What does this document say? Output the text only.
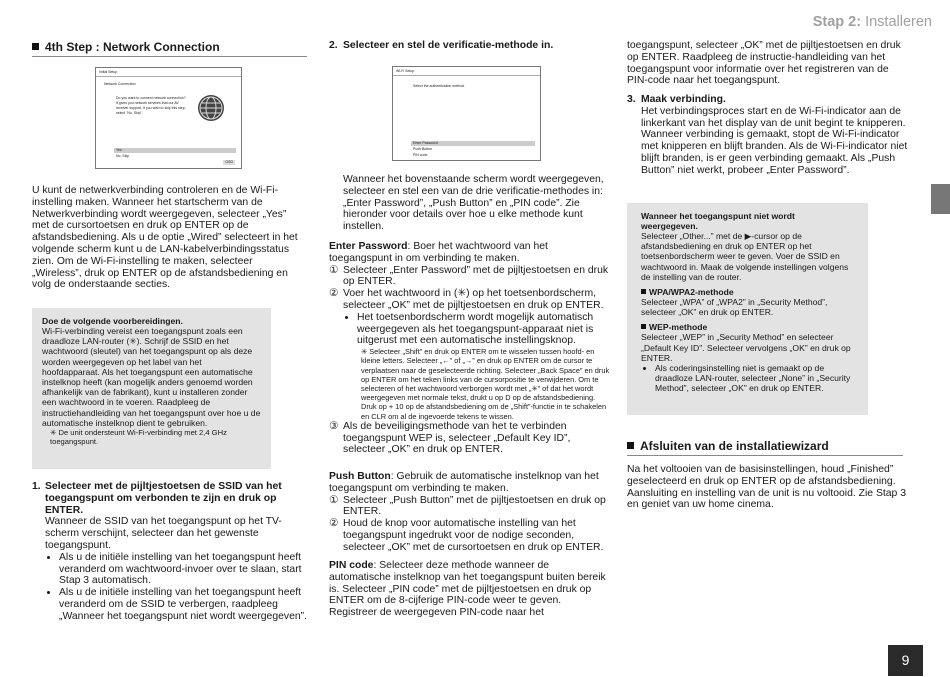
Stap 2: Installeren
4th Step : Network Connection
Initial Setup
Network Connection
Do you want to connect network connection?
It gives you network services that our AV
receiver support. If you wish to skip this step,
select "No, Skip".
Yes
No, Skip
OSD

U kunt de netwerkverbinding controleren en de Wi-Fi-instelling maken. Wanneer het startscherm van de Netwerkverbinding wordt weergegeven, selecteer „Yes” met de cursortoetsen en druk op ENTER op de afstandsbediening. Als u de optie „Wired” selecteert in het volgende scherm kunt u de LAN-kabelverbindingsstatus zien. Om de Wi-Fi-instelling te maken, selecteer „Wireless”, druk op ENTER op de afstandsbediening en volg de onderstaande secties.

Doe de volgende voorbereidingen.
Wi-Fi-verbinding vereist een toegangspunt zoals een draadloze LAN-router (✳). Schrijf de SSID en het wachtwoord (sleutel) van het toegangspunt op als deze worden weergegeven op het label van het hoofdapparaat. Als het toegangspunt een automatische instelknop heeft (kan mogelijk anders genoemd worden afhankelijk van de fabrikant), kunt u installeren zonder een wachtwoord in te voeren. Raadpleeg de instructiehandleiding van het toegangspunt over hoe u de automatische instelknop dient te gebruiken.
✳ De unit ondersteunt Wi-Fi-verbinding met 2,4 GHz toegangspunt.
1. Selecteer met de pijltjestoetsen de SSID van het toegangspunt om verbonden te zijn en druk op ENTER.

Wanneer de SSID van het toegangspunt op het TV-scherm verschijnt, selecteer dan het gewenste toegangspunt.

• Als u de initiële instelling van het toegangspunt heeft veranderd om wachtwoord-invoer over te slaan, start Stap 3 automatisch.
• Als u de initiële instelling van het toegangspunt heeft veranderd om de SSID te verbergen, raadpleeg „Wanneer het toegangspunt niet wordt weergegeven”.
2. Selecteer en stel de verificatie-methode in.
Wi-Fi Setup
Select the authentication method.
Enter Password
Push Button
PIN code

Wanneer het bovenstaande scherm wordt weergegeven, selecteer en stel een van de drie verificatie-methodes in: „Enter Password”, „Push Button” en „PIN code”. Zie hieronder voor details over hoe u elke methode kunt instellen.

Enter Password: Boer het wachtwoord van het toegangspunt in om verbinding te maken.

① Selecteer „Enter Password” met de pijltjestoetsen en druk op ENTER.
② Voer het wachtwoord in (✳) op het toetsenbordscherm, selecteer „OK” met de pijltjestoetsen en druk op ENTER.
• Het toetsenbordscherm wordt mogelijk automatisch weergegeven als het toegangspunt-apparaat niet is uitgerust met een automatische instellingsknop.
✳ Selecteer „Shift” en druk op ENTER om te wisselen tussen hoofd- en kleine letters. Selecteer „←” of „→” en druk op ENTER om de cursor te verplaatsen naar de geselecteerde richting. Selecteer „Back Space” en druk op ENTER om het teken links van de cursorpositie te verwijderen. Om te selecteren of het wachtwoord verborgen wordt met „✳” of dat het wordt weergegeven met normale tekst, drukt u op D op de afstandsbediening. Druk op + 10 op de afstandsbediening om de „Shift”-functie in te schakelen en CLR om al de ingevoerde tekens te wissen.
③ Als de beveiligingsmethode van het te verbinden toegangspunt WEP is, selecteer „Default Key ID”, selecteer „OK” en druk op ENTER.

Push Button: Gebruik de automatische instelknop van het toegangspunt om verbinding te maken.

① Selecteer „Push Button” met de pijltjestoetsen en druk op ENTER.
② Houd de knop voor automatische instelling van het toegangspunt ingedrukt voor de nodige seconden, selecteer „OK” met de cursortoetsen en druk op ENTER.

PIN code: Selecteer deze methode wanneer de automatische instelknop van het toegangspunt buiten bereik is. Selecteer „PIN code” met de pijltjestoetsen en druk op ENTER om de 8-cijferige PIN-code weer te geven. Registreer de weergegeven PIN-code naar het

toegangspunt, selecteer „OK” met de pijltjestoetsen en druk op ENTER. Raadpleeg de instructie-handleiding van het toegangspunt voor informatie over het registreren van de PIN-code naar het toegangspunt.

3. Maak verbinding.

Het verbindingsproces start en de Wi-Fi-indicator aan de linkerkant van het display van de unit begint te knipperen. Wanneer verbinding is gemaakt, stopt de Wi-Fi-indicator met knipperen en blijft branden. Als de Wi-Fi-indicator niet blijft branden, is er geen verbinding gemaakt. Als „Push Button” niet werkt, probeer „Enter Password”.

Wanneer het toegangspunt niet wordt weergegeven.
Selecteer „Other...” met de ▶-cursor op de afstandsbediening en druk op ENTER op het toetsenbordscherm weer te geven. Voer de SSID en wachtwoord in. Maak de volgende instellingen volgens de instelling van de router.
WPA/WPA2-methode
Selecteer „WPA” of „WPA2” in „Security Method”, selecteer „OK” en druk op ENTER.
WEP-methode
Selecteer „WEP” in „Security Method” en selecteer „Default Key ID”. Selecteer vervolgens „OK” en druk op ENTER.
• Als coderingsinstelling niet is gemaakt op de draadloze LAN-router, selecteer „None” in „Security Method”, selecteer „OK” en druk op ENTER.
Afsluiten van de installatiewizard

Na het voltooien van de basisinstellingen, houd „Finished” geselecteerd en druk op ENTER op de afstandsbediening. Aansluiting en instelling van de unit is nu voltooid. Zie Stap 3 en geniet van uw home cinema.

9
